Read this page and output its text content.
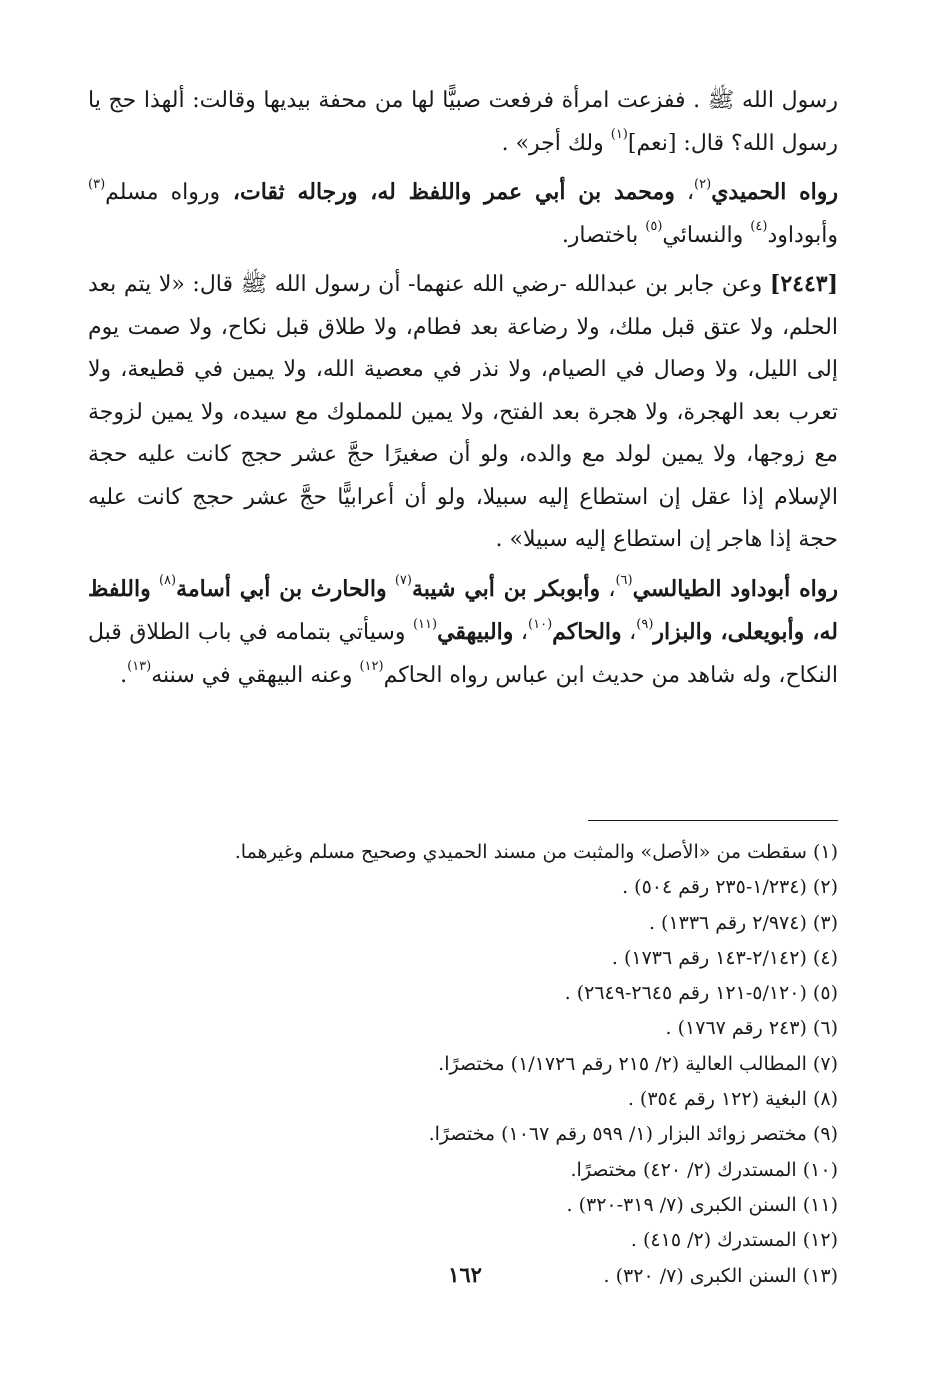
رسول الله ﷺ . ففزعت امرأة فرفعت صبيًّا لها من محفة بيديها وقالت: ألهذا حج يا رسول الله؟ قال: [نعم]$^{(١)}$ ولك أجر» .

رواه الحميدي$^{(٢)}$، ومحمد بن أبي عمر واللفظ له، ورجاله ثقات، ورواه مسلم$^{(٣)}$ وأبوداود$^{(٤)}$ والنسائي$^{(٥)}$ باختصار.

[٢٤٤٣] وعن جابر بن عبدالله -رضي الله عنهما- أن رسول الله ﷺ قال: «لا يتم بعد الحلم، ولا عتق قبل ملك، ولا رضاعة بعد فطام، ولا طلاق قبل نكاح، ولا صمت يوم إلى الليل، ولا وصال في الصيام، ولا نذر في معصية الله، ولا يمين في قطيعة، ولا تعرب بعد الهجرة، ولا هجرة بعد الفتح، ولا يمين للمملوك مع سيده، ولا يمين لزوجة مع زوجها، ولا يمين لولد مع والده، ولو أن صغيرًا حجَّ عشر حجج كانت عليه حجة الإسلام إذا عقل إن استطاع إليه سبيلا، ولو أن أعرابيًّا حجَّ عشر حجج كانت عليه حجة إذا هاجر إن استطاع إليه سبيلا» .

رواه أبوداود الطيالسي$^{(٦)}$، وأبوبكر بن أبي شيبة$^{(٧)}$ والحارث بن أبي أسامة$^{(٨)}$ واللفظ له، وأبويعلى، والبزار$^{(٩)}$، والحاكم$^{(١٠)}$، والبيهقي$^{(١١)}$ وسيأتي بتمامه في باب الطلاق قبل النكاح، وله شاهد من حديث ابن عباس رواه الحاكم$^{(١٢)}$ وعنه البيهقي في سننه$^{(١٣)}$.

(١) سقطت من «الأصل» والمثبت من مسند الحميدي وصحيح مسلم وغيرهما.
(٢) (١/٢٣٤-٢٣٥ رقم ٥٠٤) .
(٣) (٢/٩٧٤ رقم ١٣٣٦) .
(٤) (٢/١٤٢-١٤٣ رقم ١٧٣٦) .
(٥) (٥/١٢٠-١٢١ رقم ٢٦٤٥-٢٦٤٩) .
(٦) (٢٤٣ رقم ١٧٦٧) .
(٧) المطالب العالية (٢/ ٢١٥ رقم ١/١٧٢٦) مختصرًا.
(٨) البغية (١٢٢ رقم ٣٥٤) .
(٩) مختصر زوائد البزار (١/ ٥٩٩ رقم ١٠٦٧) مختصرًا.
(١٠) المستدرك (٢/ ٤٢٠) مختصرًا.
(١١) السنن الكبرى (٧/ ٣١٩-٣٢٠) .
(١٢) المستدرك (٢/ ٤١٥) .
(١٣) السنن الكبرى (٧/ ٣٢٠) .
١٦٢
